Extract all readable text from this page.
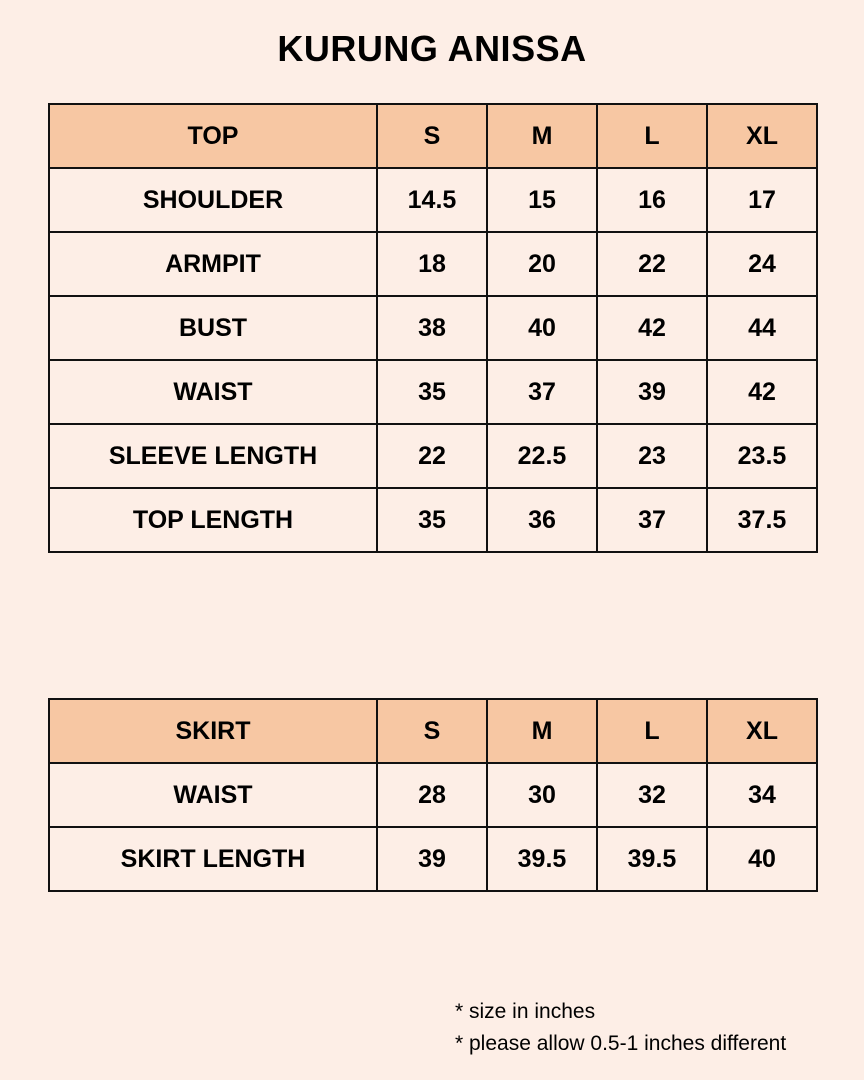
KURUNG ANISSA
TOP	S	M	L	XL
SHOULDER	14.5	15	16	17
ARMPIT	18	20	22	24
BUST	38	40	42	44
WAIST	35	37	39	42
SLEEVE LENGTH	22	22.5	23	23.5
TOP LENGTH	35	36	37	37.5
SKIRT	S	M	L	XL
WAIST	28	30	32	34
SKIRT LENGTH	39	39.5	39.5	40
* size in inches
* please allow 0.5-1 inches different
